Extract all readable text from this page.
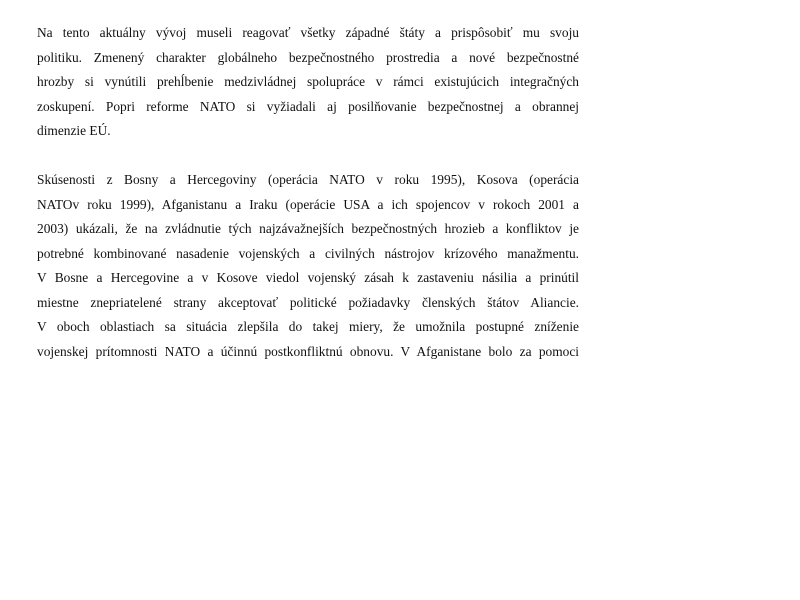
Na tento aktuálny vývoj museli reagovať všetky západné štáty a prispôsobiť mu svoju
politiku. Zmenený charakter globálneho bezpečnostného prostredia a nové bezpečnostné
hrozby si vynútili prehĺbenie medzivládnej spolupráce v rámci existujúcich integračných
zoskupení. Popri reforme NATO si vyžiadali aj posilňovanie bezpečnostnej a obrannej
dimenzie EÚ.
Skúsenosti z Bosny a Hercegoviny (operácia NATO v roku 1995), Kosova (operácia
NATOv roku 1999), Afganistanu a Iraku (operácie USA a ich spojencov v rokoch 2001 a
2003) ukázali, že na zvládnutie tých najzávažnejších bezpečnostných hrozieb a konfliktov je
potrebné kombinované nasadenie vojenských a civilných nástrojov krízového manažmentu.
V Bosne a Hercegovine a v Kosove viedol vojenský zásah k zastaveniu násilia a prinútil
miestne znepriatelené strany akceptovať politické požiadavky členských štátov Aliancie.
V oboch oblastiach sa situácia zlepšila do takej miery, že umožnila postupné zníženie
vojenskej prítomnosti NATO a účinnú postkonfliktnú obnovu. V Afganistane bolo za pomoci
